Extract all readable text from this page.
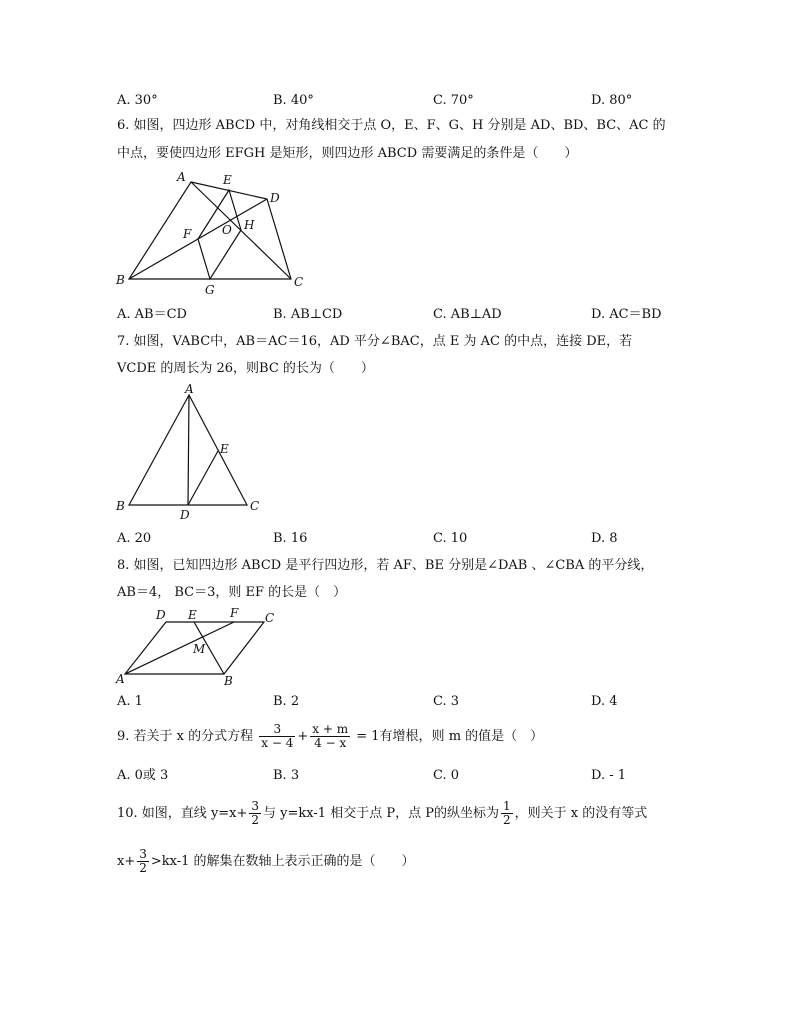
A. 30°	B. 40°	C. 70°	D. 80°
6. 如图，四边形 ABCD 中，对角线相交于点 O，E、F、G、H 分别是 AD、BD、BC、AC 的
中点，要使四边形 EFGH 是矩形，则四边形 ABCD 需要满足的条件是（　　）
A	E
D
F	O H
B
G
C
A. AB＝CD	B. AB⊥CD	C. AB⊥AD	D. AC＝BD
7. 如图，VABC中，AB＝AC＝16，AD 平分∠BAC，点 E 为 AC 的中点，连接 DE，若
VCDE 的周长为 26，则BC 的长为（　　）
A
E
B
D
C
A. 20	B. 16	C. 10	D. 8
8. 如图，已知四边形 ABCD 是平行四边形，若 AF、BE 分别是∠DAB 、∠CBA 的平分线，
AB＝4， BC＝3，则 EF 的长是（　）
D E	F C
M
A	B
A. 1	B. 2	C. 3	D. 4
9. 若关于 x 的分式方程 $\frac{3}{x - 4} + \frac{x + m}{4 - x} = 1$有增根，则 m 的值是（　）
A. 0或 3	B. 3	C. 0	D. - 1
10. 如图，直线 $y=x+ \frac{3}{2}$ 与 y=kx-1 相交于点 P，点 P的纵坐标为 $\frac{1}{2}$ ，则关于 x 的没有等式
$x+ \frac{3}{2} >kx-1$ 的解集在数轴上表示正确的是（　　）
